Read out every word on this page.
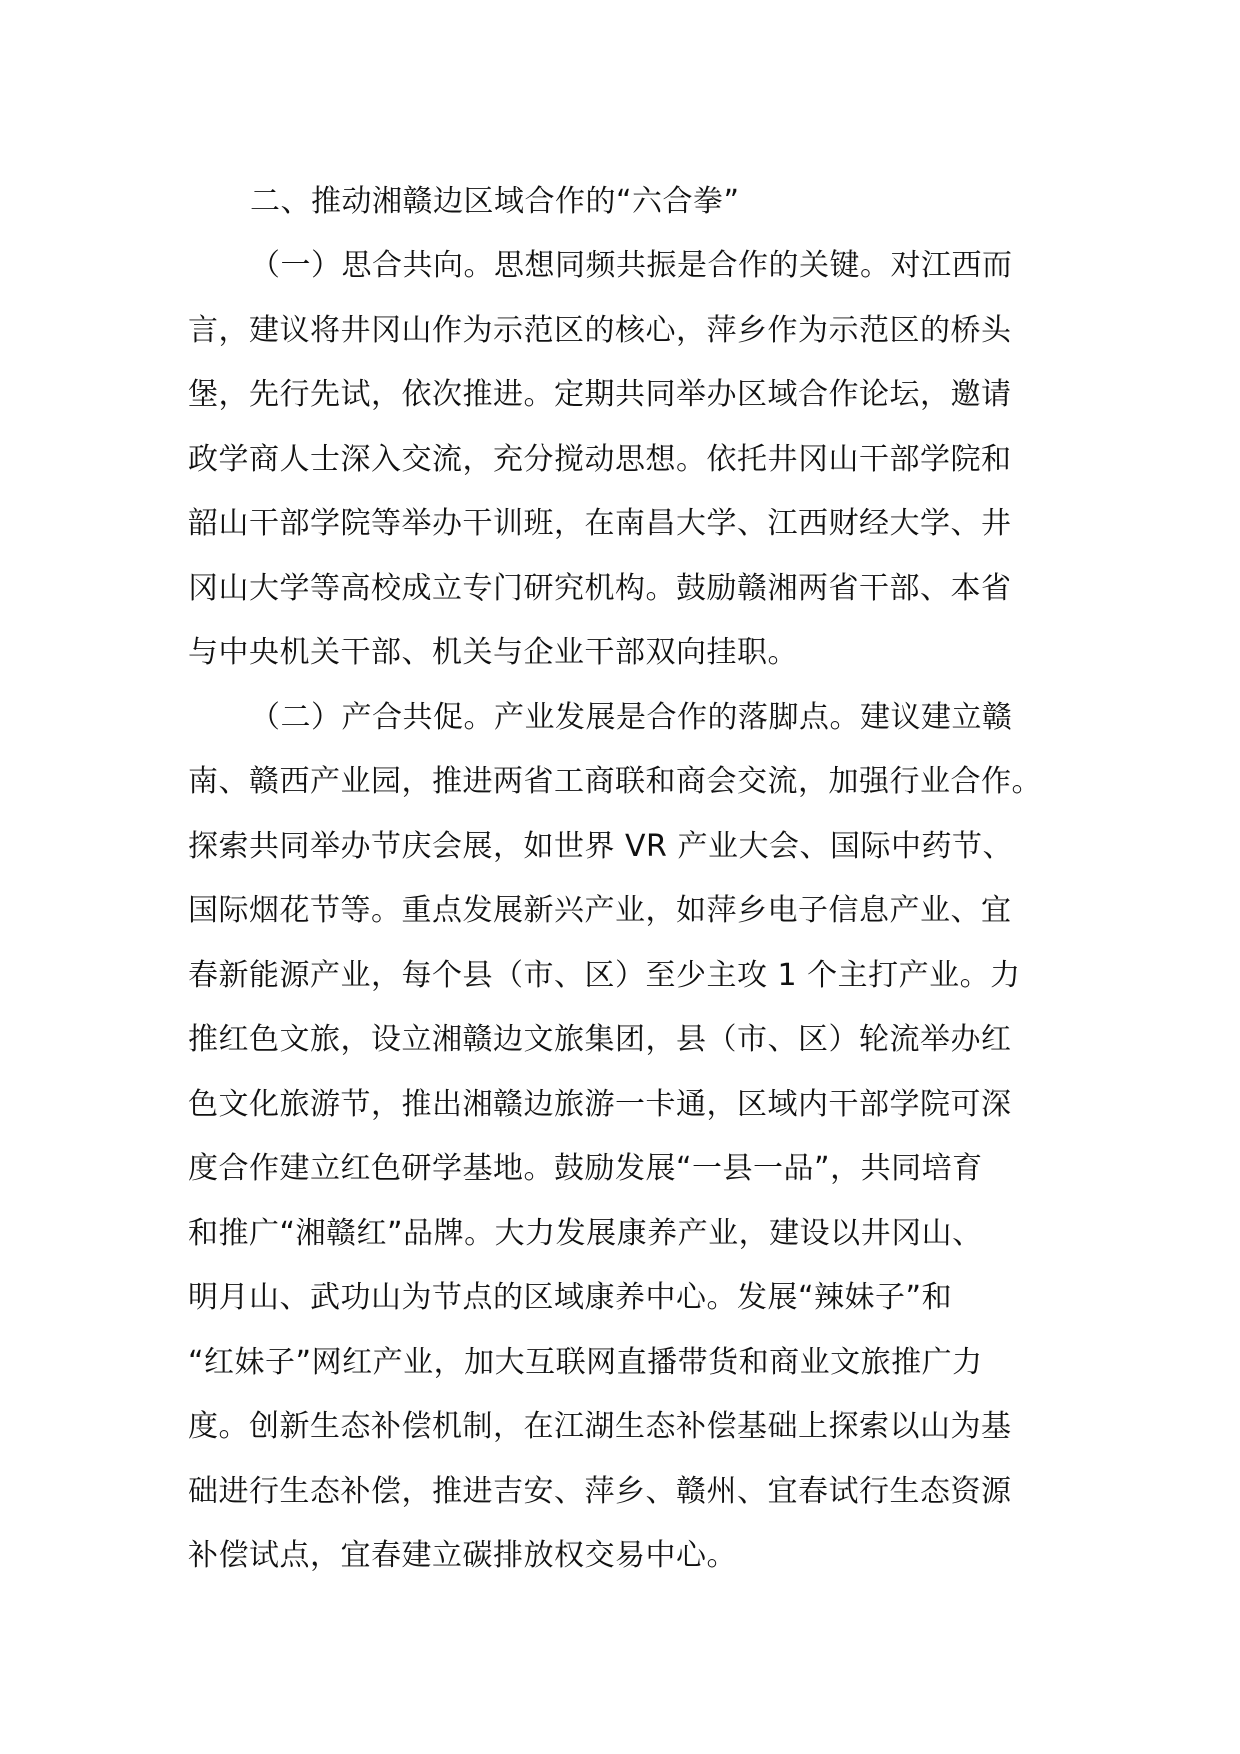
二、推动湘赣边区域合作的“六合拳”

（一）思合共向。思想同频共振是合作的关键。对江西而
言，建议将井冈山作为示范区的核心，萍乡作为示范区的桥头
堡，先行先试，依次推进。定期共同举办区域合作论坛，邀请
政学商人士深入交流，充分搅动思想。依托井冈山干部学院和
韶山干部学院等举办干训班，在南昌大学、江西财经大学、井
冈山大学等高校成立专门研究机构。鼓励赣湘两省干部、本省
与中央机关干部、机关与企业干部双向挂职。

（二）产合共促。产业发展是合作的落脚点。建议建立赣
南、赣西产业园，推进两省工商联和商会交流，加强行业合作。
探索共同举办节庆会展，如世界 VR 产业大会、国际中药节、
国际烟花节等。重点发展新兴产业，如萍乡电子信息产业、宜
春新能源产业，每个县（市、区）至少主攻 1 个主打产业。力
推红色文旅，设立湘赣边文旅集团，县（市、区）轮流举办红
色文化旅游节，推出湘赣边旅游一卡通，区域内干部学院可深
度合作建立红色研学基地。鼓励发展“一县一品”，共同培育
和推广“湘赣红”品牌。大力发展康养产业，建设以井冈山、
明月山、武功山为节点的区域康养中心。发展“辣妹子”和
“红妹子”网红产业，加大互联网直播带货和商业文旅推广力
度。创新生态补偿机制，在江湖生态补偿基础上探索以山为基
础进行生态补偿，推进吉安、萍乡、赣州、宜春试行生态资源
补偿试点，宜春建立碳排放权交易中心。
